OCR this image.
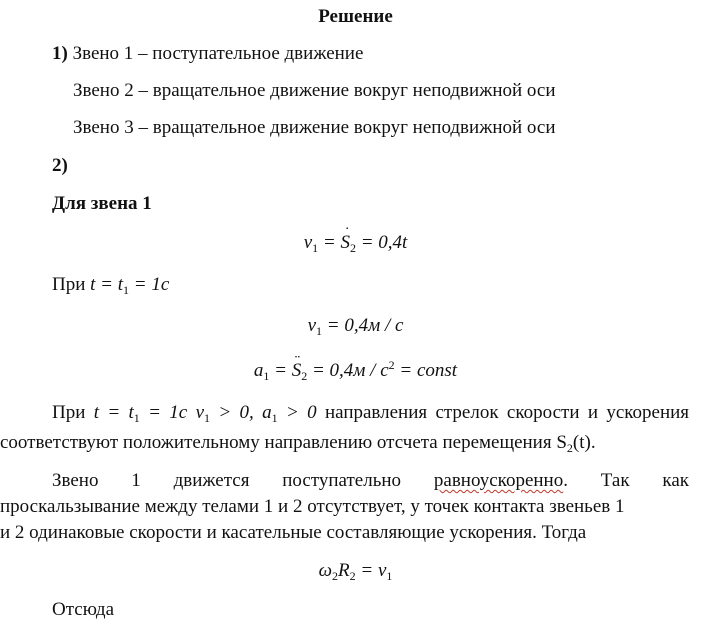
Решение
1) Звено 1 – поступательное движение
Звено 2 – вращательное движение вокруг неподвижной оси
Звено 3 – вращательное движение вокруг неподвижной оси
2)
Для звена 1
$v_1$ = ˙ $S_2 = 0,4t$
При $t = t_1 = 1c$
$v_1 = 0,4м / c$
$a_1$ = ¨ $S_2 = 0,4м / c^2$ = const
При $t = t_1 = 1c$ $v_1 > 0$, $a_1 > 0$ направления стрелок скорости и ускорения
соответствуют положительному направлению отсчета перемещения $S_2(t)$.
Звено 1 движется поступательно равноускоренно. Так как
проскальзывание между телами 1 и 2 отсутствует, у точек контакта звеньев 1
и 2 одинаковые скорости и касательные составляющие ускорения. Тогда
$\omega_2R_2 = v_1$
Отсюда
